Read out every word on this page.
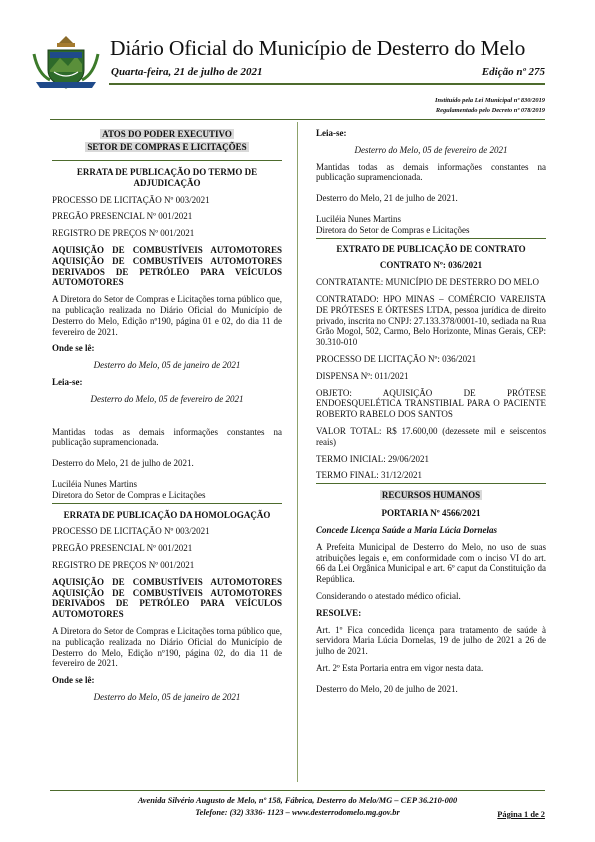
Diário Oficial do Município de Desterro do Melo
Quarta-feira, 21 de julho de 2021	Edição nº 275
Instituído pela Lei Municipal nº 830/2019
Regulamentado pelo Decreto nº 078/2019
ATOS DO PODER EXECUTIVO
SETOR DE COMPRAS E LICITAÇÕES

ERRATA DE PUBLICAÇÃO DO TERMO DE ADJUDICAÇÃO

PROCESSO DE LICITAÇÃO Nº 003/2021

PREGÃO PRESENCIAL Nº 001/2021

REGISTRO DE PREÇOS Nº 001/2021

AQUISIÇÃO DE COMBUSTÍVEIS AUTOMOTORES AQUISIÇÃO DE COMBUSTÍVEIS AUTOMOTORES DERIVADOS DE PETRÓLEO PARA VEÍCULOS AUTOMOTORES

A Diretora do Setor de Compras e Licitações torna público que, na publicação realizada no Diário Oficial do Município de Desterro do Melo, Edição nº190, página 01 e 02, do dia 11 de fevereiro de 2021.

Onde se lê:

Desterro do Melo, 05 de janeiro de 2021

Leia-se:

Desterro do Melo, 05 de fevereiro de 2021

Mantidas todas as demais informações constantes na publicação supramencionada.

Desterro do Melo, 21 de julho de 2021.

Luciléia Nunes Martins

Diretora do Setor de Compras e Licitações

ERRATA DE PUBLICAÇÃO DA HOMOLOGAÇÃO

PROCESSO DE LICITAÇÃO Nº 003/2021

PREGÃO PRESENCIAL Nº 001/2021

REGISTRO DE PREÇOS Nº 001/2021

AQUISIÇÃO DE COMBUSTÍVEIS AUTOMOTORES AQUISIÇÃO DE COMBUSTÍVEIS AUTOMOTORES DERIVADOS DE PETRÓLEO PARA VEÍCULOS AUTOMOTORES

A Diretora do Setor de Compras e Licitações torna público que, na publicação realizada no Diário Oficial do Município de Desterro do Melo, Edição nº190, página 02, do dia 11 de fevereiro de 2021.

Onde se lê:

Desterro do Melo, 05 de janeiro de 2021

Leia-se:

Desterro do Melo, 05 de fevereiro de 2021

Mantidas todas as demais informações constantes na publicação supramencionada.

Desterro do Melo, 21 de julho de 2021.

Luciléia Nunes Martins

Diretora do Setor de Compras e Licitações

EXTRATO DE PUBLICAÇÃO DE CONTRATO

CONTRATO Nº: 036/2021

CONTRATANTE: MUNICÍPIO DE DESTERRO DO MELO

CONTRATADO: HPO MINAS – COMÉRCIO VAREJISTA DE PRÓTESES E ÓRTESES LTDA, pessoa jurídica de direito privado, inscrita no CNPJ: 27.133.378/0001-10, sediada na Rua Grão Mogol, 502, Carmo, Belo Horizonte, Minas Gerais, CEP: 30.310-010

PROCESSO DE LICITAÇÃO Nº: 036/2021

DISPENSA Nº: 011/2021

OBJETO: AQUISIÇÃO DE PRÓTESE ENDOESQUELÉTICA TRANSTIBIAL PARA O PACIENTE ROBERTO RABELO DOS SANTOS

VALOR TOTAL: R$ 17.600,00 (dezessete mil e seiscentos reais)

TERMO INICIAL: 29/06/2021

TERMO FINAL: 31/12/2021

RECURSOS HUMANOS

PORTARIA Nº 4566/2021

Concede Licença Saúde a Maria Lúcia Dornelas

A Prefeita Municipal de Desterro do Melo, no uso de suas atribuições legais e, em conformidade com o inciso VI do art. 66 da Lei Orgânica Municipal e art. 6º caput da Constituição da República.

Considerando o atestado médico oficial.

RESOLVE:

Art. 1º Fica concedida licença para tratamento de saúde à servidora Maria Lúcia Dornelas, 19 de julho de 2021 a 26 de julho de 2021.

Art. 2º Esta Portaria entra em vigor nesta data.

Desterro do Melo, 20 de julho de 2021.

Avenida Silvério Augusto de Melo, nº 158, Fábrica, Desterro do Melo/MG – CEP 36.210-000
Telefone: (32) 3336- 1123 – www.desterrodomelo.mg.gov.br	Página 1 de 2
